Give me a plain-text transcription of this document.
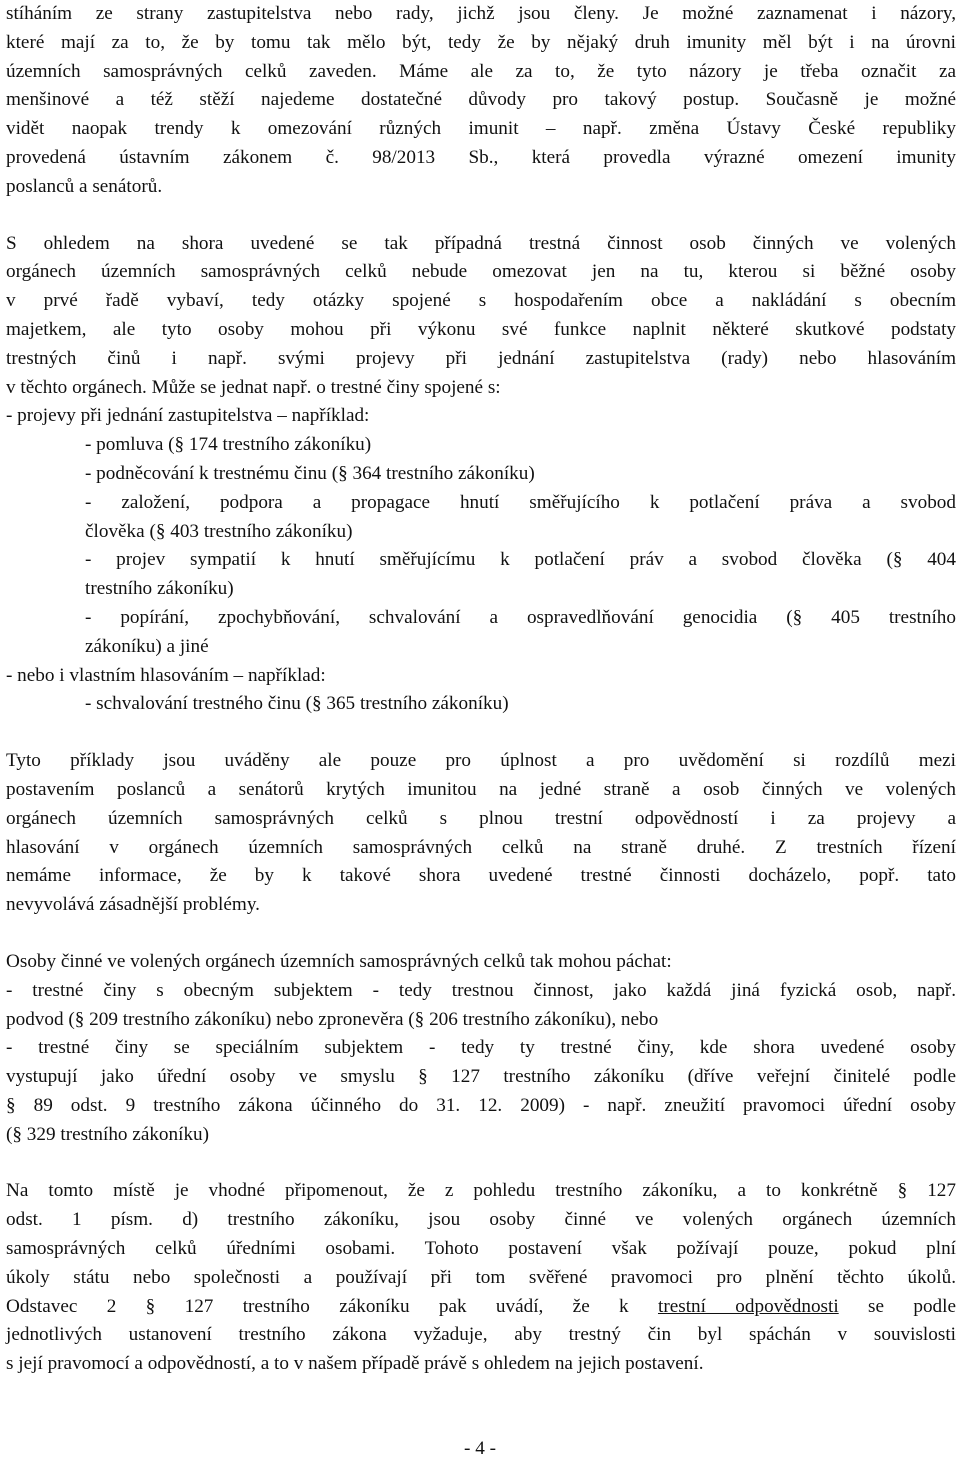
stíháním ze strany zastupitelstva nebo rady, jichž jsou členy. Je možné zaznamenat i názory,
které mají za to, že by tomu tak mělo být, tedy že by nějaký druh imunity měl být i na úrovni
územních samosprávných celků zaveden. Máme ale za to, že tyto názory je třeba označit za
menšinové a též stěží najedeme dostatečné důvody pro takový postup. Současně je možné
vidět naopak trendy k omezování různých imunit – např. změna Ústavy České republiky
provedená ústavním zákonem č. 98/2013 Sb., která provedla výrazné omezení imunity
poslanců a senátorů.
S ohledem na shora uvedené se tak případná trestná činnost osob činných ve volených
orgánech územních samosprávných celků nebude omezovat jen na tu, kterou si běžné osoby
v prvé řadě vybaví, tedy otázky spojené s hospodařením obce a nakládání s obecním
majetkem, ale tyto osoby mohou při výkonu své funkce naplnit některé skutkové podstaty
trestných činů i např. svými projevy při jednání zastupitelstva (rady) nebo hlasováním
v těchto orgánech. Může se jednat např. o trestné činy spojené s:
- projevy při jednání zastupitelstva – například:
- pomluva (§ 174 trestního zákoníku)
- podněcování k trestnému činu (§ 364 trestního zákoníku)
- založení, podpora a propagace hnutí směřujícího k potlačení práva a svobod
člověka (§ 403 trestního zákoníku)
- projev sympatií k hnutí směřujícímu k potlačení práv a svobod člověka (§ 404
trestního zákoníku)
- popírání, zpochybňování, schvalování a ospravedlňování genocidia (§ 405 trestního
zákoníku) a jiné
- nebo i vlastním hlasováním – například:
- schvalování trestného činu (§ 365 trestního zákoníku)
Tyto příklady jsou uváděny ale pouze pro úplnost a pro uvědomění si rozdílů mezi
postavením poslanců a senátorů krytých imunitou na jedné straně a osob činných ve volených
orgánech územních samosprávných celků s plnou trestní odpovědností i za projevy a
hlasování v orgánech územních samosprávných celků na straně druhé. Z trestních řízení
nemáme informace, že by k takové shora uvedené trestné činnosti docházelo, popř. tato
nevyvolává zásadnější problémy.
Osoby činné ve volených orgánech územních samosprávných celků tak mohou páchat:
- trestné činy s obecným subjektem - tedy trestnou činnost, jako každá jiná fyzická osob, např.
podvod (§ 209 trestního zákoníku) nebo zpronevěra (§ 206 trestního zákoníku), nebo
- trestné činy se speciálním subjektem - tedy ty trestné činy, kde shora uvedené osoby
vystupují jako úřední osoby ve smyslu § 127 trestního zákoníku (dříve veřejní činitelé podle
§ 89 odst. 9 trestního zákona účinného do 31. 12. 2009) - např. zneužití pravomoci úřední osoby
(§ 329 trestního zákoníku)
Na tomto místě je vhodné připomenout, že z pohledu trestního zákoníku, a to konkrétně § 127
odst. 1 písm. d) trestního zákoníku, jsou osoby činné ve volených orgánech územních
samosprávných celků úředními osobami. Tohoto postavení však požívají pouze, pokud plní
úkoly státu nebo společnosti a používají při tom svěřené pravomoci pro plnění těchto úkolů.
Odstavec 2 § 127 trestního zákoníku pak uvádí, že k trestní odpovědnosti se podle
jednotlivých ustanovení trestního zákona vyžaduje, aby trestný čin byl spáchán v souvislosti
s její pravomocí a odpovědností, a to v našem případě právě s ohledem na jejich postavení.
- 4 -
